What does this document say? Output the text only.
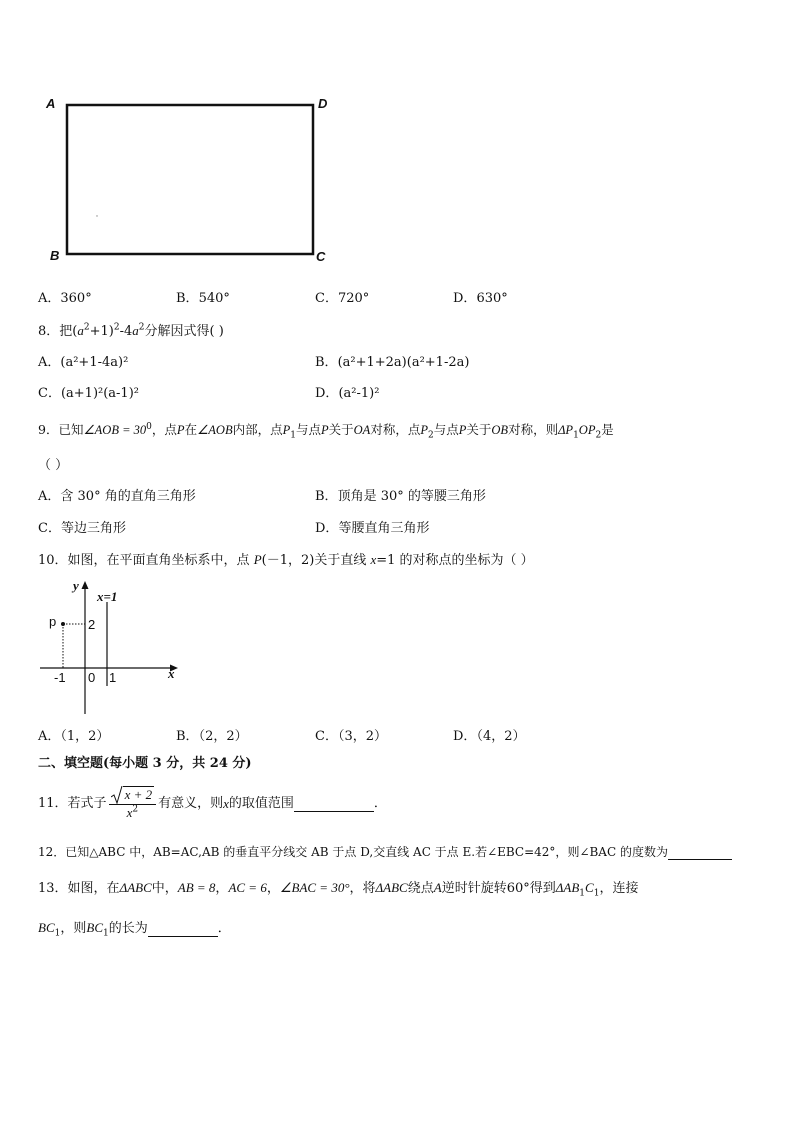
A	D
B	C
A．360°	B．540°	C．720°	D．630°
8．把$(a^2+1)^2-4a^2$分解因式得( )
A．(a²+1-4a)²	B．(a²+1+2a)(a²+1-2a)
C．(a+1)²(a-1)²	D．(a²-1)²
9．已知∠AOB = $30^0$，点P在∠AOB内部，点$P_1$与点P关于OA对称，点$P_2$与点P关于OB对称，则$\Delta P_1OP_2$是
（ ）
A．含 30° 角的直角三角形	B．顶角是 30° 的等腰三角形
C．等边三角形	D．等腰直角三角形
10．如图，在平面直角坐标系中，点 P(－1，2)关于直线 x=1 的对称点的坐标为（ ）
y
x=1
p 2
x
-1 0 1
A．（1，2）	B．（2，2）	C．（3，2）	D．（4，2）
二、填空题(每小题 3 分，共 24 分)
11．若式子 $\frac{x + 2}{x^2}$ 有意义，则x的取值范围	．
12．已知△ABC 中，AB=AC,AB 的垂直平分线交 AB 于点 D,交直线 AC 于点 E.若∠EBC=42°，则∠BAC 的度数为
13．如图，在ΔABC中，AB = 8，AC = 6，∠BAC = 30°，将ΔABC绕点A逆时针旋转60°得到$\Delta AB_1C_1$，连接
$BC_1$，则$BC_1$的长为	．
